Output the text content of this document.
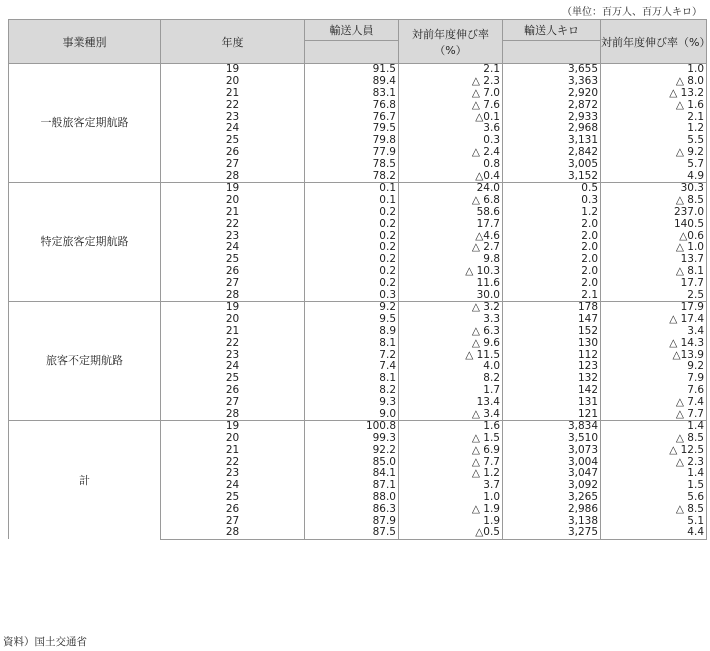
（単位：百万人、百万人キロ）
事業種別	年度	輸送人員	対前年度伸び率（%）	輸送人キロ	対前年度伸び率（%）

一般旅客定期航路	19	91.5	2.1	3,655	1.0
	20	89.4	△ 2.3	3,363	△ 8.0
	21	83.1	△ 7.0	2,920	△ 13.2
	22	76.8	△ 7.6	2,872	△ 1.6
	23	76.7	△0.1	2,933	2.1
	24	79.5	3.6	2,968	1.2
	25	79.8	0.3	3,131	5.5
	26	77.9	△ 2.4	2,842	△ 9.2
	27	78.5	0.8	3,005	5.7
	28	78.2	△0.4	3,152	4.9
特定旅客定期航路	19	0.1	24.0	0.5	30.3
	20	0.1	△ 6.8	0.3	△ 8.5
	21	0.2	58.6	1.2	237.0
	22	0.2	17.7	2.0	140.5
	23	0.2	△4.6	2.0	△0.6
	24	0.2	△ 2.7	2.0	△ 1.0
	25	0.2	9.8	2.0	13.7
	26	0.2	△ 10.3	2.0	△ 8.1
	27	0.2	11.6	2.0	17.7
	28	0.3	30.0	2.1	2.5
旅客不定期航路	19	9.2	△ 3.2	178	17.9
	20	9.5	3.3	147	△ 17.4
	21	8.9	△ 6.3	152	3.4
	22	8.1	△ 9.6	130	△ 14.3
	23	7.2	△ 11.5	112	△13.9
	24	7.4	4.0	123	9.2
	25	8.1	8.2	132	7.9
	26	8.2	1.7	142	7.6
	27	9.3	13.4	131	△ 7.4
	28	9.0	△ 3.4	121	△ 7.7
計	19	100.8	1.6	3,834	1.4
	20	99.3	△ 1.5	3,510	△ 8.5
	21	92.2	△ 6.9	3,073	△ 12.5
	22	85.0	△ 7.7	3,004	△ 2.3
	23	84.1	△ 1.2	3,047	1.4
	24	87.1	3.7	3,092	1.5
	25	88.0	1.0	3,265	5.6
	26	86.3	△ 1.9	2,986	△ 8.5
	27	87.9	1.9	3,138	5.1
	28	87.5	△0.5	3,275	4.4
資料）国土交通省
